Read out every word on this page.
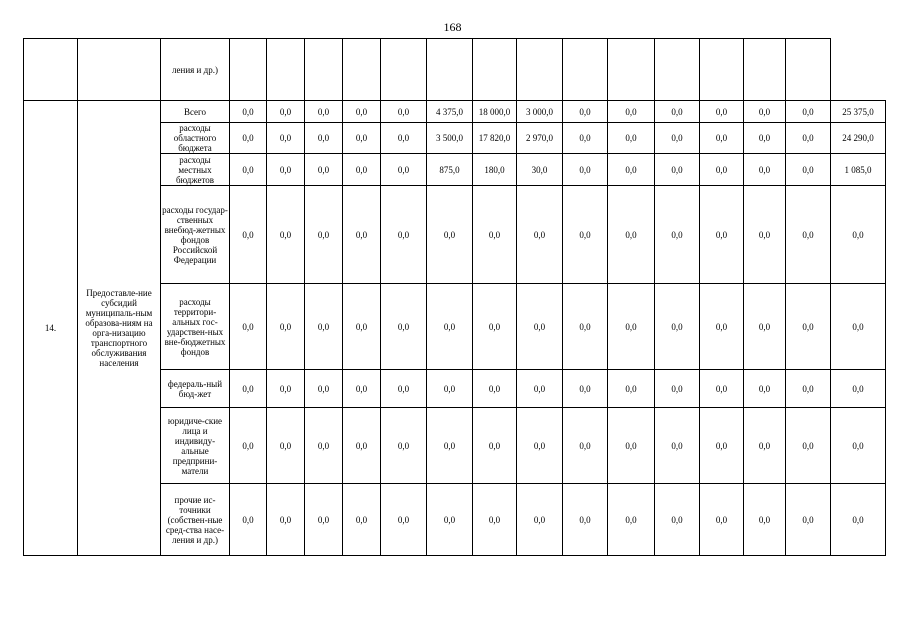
168
		ления и др.)															
14.	Предоставле-ние субсидий муниципаль-ным образова-ниям на орга-низацию транспортного обслуживания населения	Всего	0,0	0,0	0,0	0,0	0,0	4 375,0	18 000,0	3 000,0	0,0	0,0	0,0	0,0	0,0	0,0	25 375,0
		расходы областного бюджета	0,0	0,0	0,0	0,0	0,0	3 500,0	17 820,0	2 970,0	0,0	0,0	0,0	0,0	0,0	0,0	24 290,0
		расходы местных бюджетов	0,0	0,0	0,0	0,0	0,0	875,0	180,0	30,0	0,0	0,0	0,0	0,0	0,0	0,0	1 085,0
		расходы государ-ственных внебюд-жетных фондов Российской Федерации	0,0	0,0	0,0	0,0	0,0	0,0	0,0	0,0	0,0	0,0	0,0	0,0	0,0	0,0	0,0
		расходы территори-альных гос-ударствен-ных вне-бюджетных фондов	0,0	0,0	0,0	0,0	0,0	0,0	0,0	0,0	0,0	0,0	0,0	0,0	0,0	0,0	0,0
		федераль-ный бюд-жет	0,0	0,0	0,0	0,0	0,0	0,0	0,0	0,0	0,0	0,0	0,0	0,0	0,0	0,0	0,0
		юридиче-ские лица и индивиду-альные предприни-матели	0,0	0,0	0,0	0,0	0,0	0,0	0,0	0,0	0,0	0,0	0,0	0,0	0,0	0,0	0,0
		прочие ис-точники (собствен-ные сред-ства насе-ления и др.)	0,0	0,0	0,0	0,0	0,0	0,0	0,0	0,0	0,0	0,0	0,0	0,0	0,0	0,0	0,0
